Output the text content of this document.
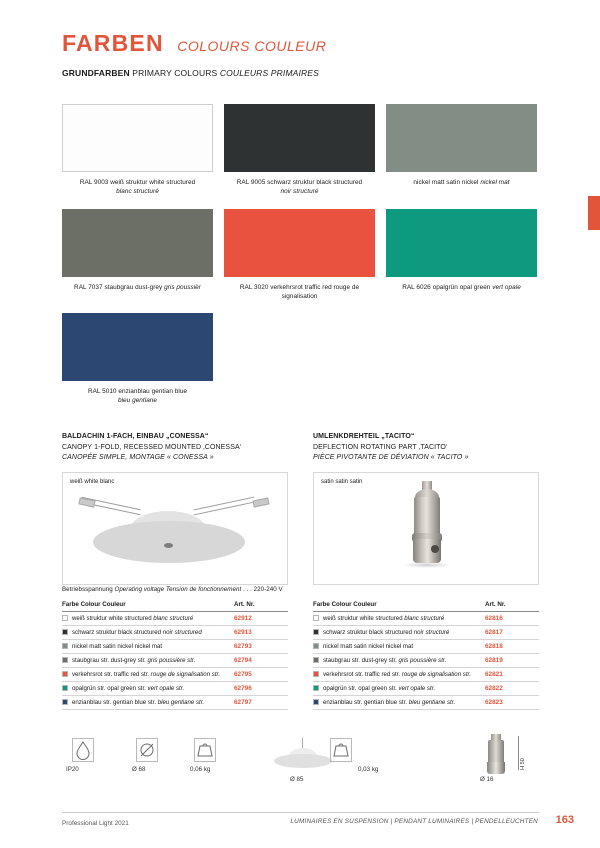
FARBEN COLOURS COULEUR
GRUNDFARBEN PRIMARY COLOURS COULEURS PRIMAIRES
RAL 9003 weiß struktur white structured
blanc structuré
RAL 9005 schwarz struktur black structured
noir structuré
nickel matt satin nickel nickel mat
RAL 7037 staubgrau dust-grey gris poussièr	RAL 3020 verkehrsrot traffic red rouge de
signalisation
RAL 6026 opalgrün opal green vert opale
RAL 5010 enzianblau gentian blue
bleu gentiane
BALDACHIN 1-FACH, EINBAU „CONESSA“
CANOPY 1-FOLD, RECESSED MOUNTED ‚CONESSA‘
CANOPÉE SIMPLE, MONTAGE « CONESSA »
weiß white blanc
UMLENKDREHTEIL „TACITO“
DEFLECTION ROTATING PART ‚TACITO‘
PIÈCE PIVOTANTE DE DÉVIATION « TACITO »
satin satin satin
Betriebsspannung Operating voltage Tension de fonctionnement . . . 220-240 V
Farbe Colour Couleur	Art. Nr.
weiß struktur white structured blanc structuré	62912
schwarz struktur black structured noir structured	62913
nickel matt satin nickel nickel mat	62793
staubgrau str. dust-grey str. gris poussière str.	62794
verkehrsrot str. traffic red str. rouge de signalisation str.	62795
opalgrün str. opal green str. vert opale str.	62796
enzianblau str. gentian blue str. bleu gentiane str.	62797
Farbe Colour Couleur	Art. Nr.
weiß struktur white structured blanc structuré	62816
schwarz struktur black structured noir structuré	62817
nickel matt satin nickel nickel mat	62818
staubgrau str. dust-grey str. gris poussière str.	62819
verkehrsrot str. traffic red str. rouge de signalisation str.	62821
opalgrün str. opal green str. vert opale str.	62822
enzianblau str. gentian blue str. bleu gentiane str.	62823
IP20	Ø 68	0,06 kg
Ø 85
0,03 kg	H 50
Ø 16
Professional Light 2021	LUMINAIRES EN SUSPENSION | PENDANT LUMINAIRES | PENDELLEUCHTEN 163
